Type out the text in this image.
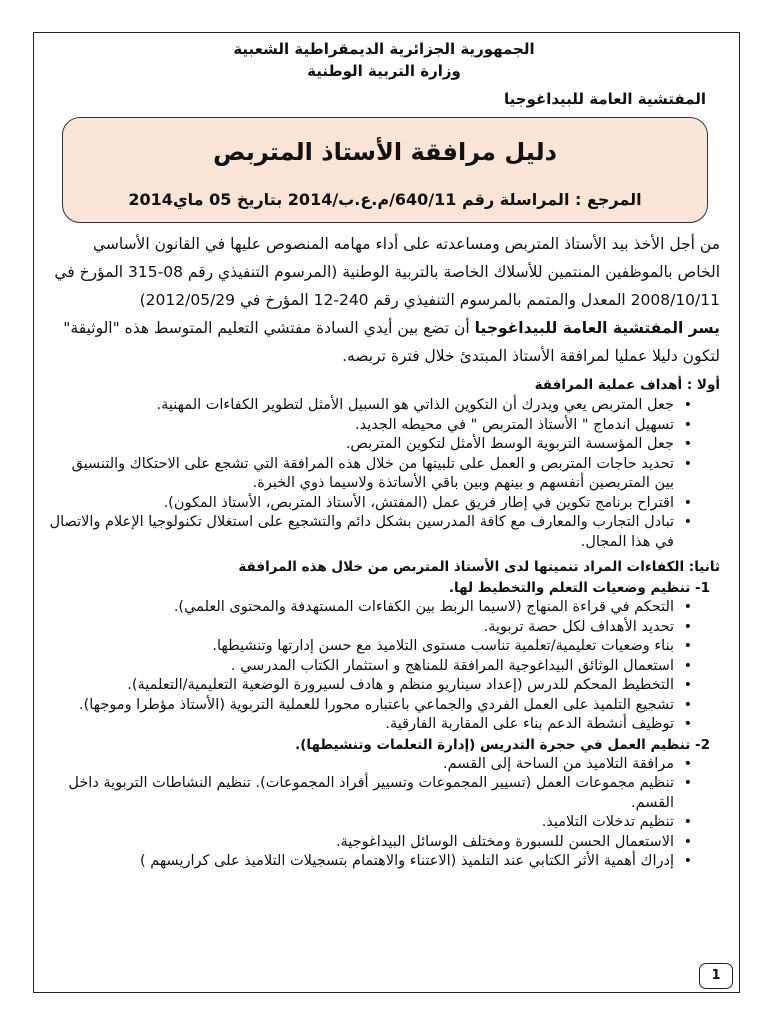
الجمهورية الجزائرية الديمقراطية الشعبية
وزارة التربية الوطنية
المفتشية العامة للبيداغوجيا
دليل مرافقة الأستاذ المتربص
المرجع : المراسلة رقم 640/11/م.ع.ب/2014 بتاريخ 05 ماي2014
من أجل الأخذ بيد الأستاذ المتربص ومساعدته على أداء مهامه المنصوص عليها في القانون الأساسي الخاص بالموظفين المنتمين للأسلاك الخاصة بالتربية الوطنية (المرسوم التنفيذي رقم 08-315 المؤرخ في 2008/10/11 المعدل والمتمم بالمرسوم التنفيذي رقم 240-12 المؤرخ في 2012/05/29)
يسر المفتشية العامة للبيداغوجيا أن تضع بين أيدي السادة مفتشي التعليم المتوسط هذه "الوثيقة" لتكون دليلا عمليا لمرافقة الأستاذ المبتدئ خلال فترة تربصه.
أولا : أهداف عملية المرافقة
• جعل المتربص يعي ويدرك أن التكوين الذاتي هو السبيل الأمثل لتطوير الكفاءات المهنية.
• تسهيل اندماج " الأستاذ المتربص " في محيطه الجديد.
• جعل المؤسسة التربوية الوسط الأمثل لتكوين المتربص.
• تحديد حاجات المتربص و العمل على تلبيتها من خلال هذه المرافقة التي تشجع على الاحتكاك والتنسيق بين المتربصين أنفسهم و بينهم وبين باقي الأساتذة ولاسيما ذوي الخبرة.
• اقتراح برنامج تكوين في إطار فريق عمل (المفتش، الأستاذ المتربص، الأستاذ المكون).
• تبادل التجارب والمعارف مع كافة المدرسين بشكل دائم والتشجيع على استغلال تكنولوجيا الإعلام والاتصال في هذا المجال.
ثانيا: الكفاءات المراد تنميتها لدى الأستاذ المتربص من خلال هذه المرافقة
1- تنظيم وضعيات التعلم والتخطيط لها.
• التحكم في قراءة المنهاج (لاسيما الربط بين الكفاءات المستهدفة والمحتوى العلمي).
• تحديد الأهداف لكل حصة تربوية.
• بناء وضعيات تعليمية/تعلمية تناسب مستوى التلاميذ مع حسن إدارتها وتنشيطها.
• استعمال الوثائق البيداغوجية المرافقة للمناهج و استثمار الكتاب المدرسي .
• التخطيط المحكم للدرس (إعداد سيناريو منظم و هادف لسيرورة الوضعية التعليمية/التعلمية).
• تشجيع التلميذ على العمل الفردي والجماعي باعتباره محورا للعملية التربوية (الأستاذ مؤطرا وموجها).
• توظيف أنشطة الدعم بناء على المقاربة الفارقية.
2- تنظيم العمل في حجرة التدريس (إدارة التعلمات وتنشيطها).
• مرافقة التلاميذ من الساحة إلى القسم.
• تنظيم مجموعات العمل (تسيير المجموعات وتسيير أفراد المجموعات). تنظيم النشاطات التربوية داخل القسم.
• تنظيم تدخلات التلاميذ.
• الاستعمال الحسن للسبورة ومختلف الوسائل البيداغوجية.
• إدراك أهمية الأثر الكتابي عند التلميذ (الاعتناء والاهتمام بتسجيلات التلاميذ على كراريسهم )
1
